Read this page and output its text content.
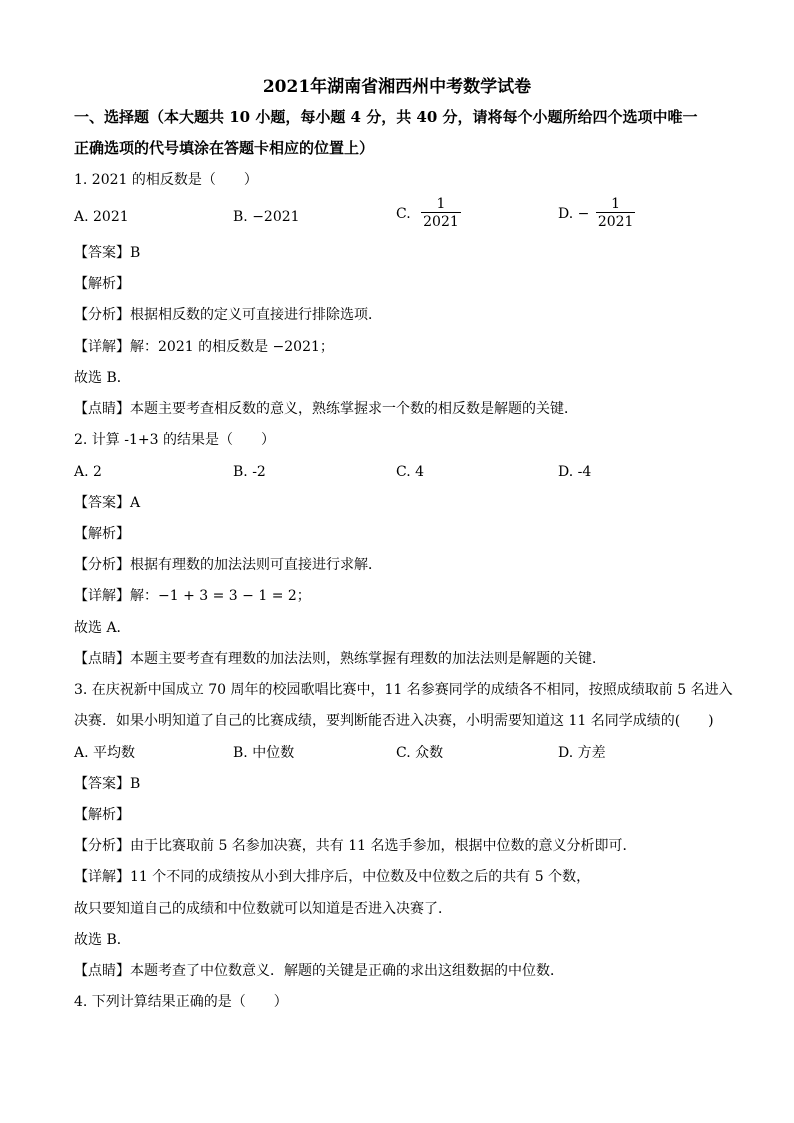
2021年湖南省湘西州中考数学试卷
一、选择题（本大题共 10 小题，每小题 4 分，共 40 分，请将每个小题所给四个选项中唯一
正确选项的代号填涂在答题卡相应的位置上）
1. 2021 的相反数是（　　）
A. 2021	B. −2021	C. $\frac{1}{2021}$	D. − $\frac{1}{2021}$
【答案】B
【解析】
【分析】根据相反数的定义可直接进行排除选项．
【详解】解：2021 的相反数是 −2021；
故选 B．
【点睛】本题主要考查相反数的意义，熟练掌握求一个数的相反数是解题的关键．
2. 计算 -1+3 的结果是（　　）
A. 2	B. -2	C. 4	D. -4
【答案】A
【解析】
【分析】根据有理数的加法法则可直接进行求解．
【详解】解：−1 + 3 = 3 − 1 = 2；
故选 A．
【点睛】本题主要考查有理数的加法法则，熟练掌握有理数的加法法则是解题的关键．
3. 在庆祝新中国成立 70 周年的校园歌唱比赛中，11 名参赛同学的成绩各不相同，按照成绩取前 5 名进入
决赛．如果小明知道了自己的比赛成绩，要判断能否进入决赛，小明需要知道这 11 名同学成绩的(　　)
A. 平均数	B. 中位数	C. 众数	D. 方差
【答案】B
【解析】
【分析】由于比赛取前 5 名参加决赛，共有 11 名选手参加，根据中位数的意义分析即可．
【详解】11 个不同的成绩按从小到大排序后，中位数及中位数之后的共有 5 个数，
故只要知道自己的成绩和中位数就可以知道是否进入决赛了．
故选 B．
【点睛】本题考查了中位数意义．解题的关键是正确的求出这组数据的中位数．
4. 下列计算结果正确的是（　　）
